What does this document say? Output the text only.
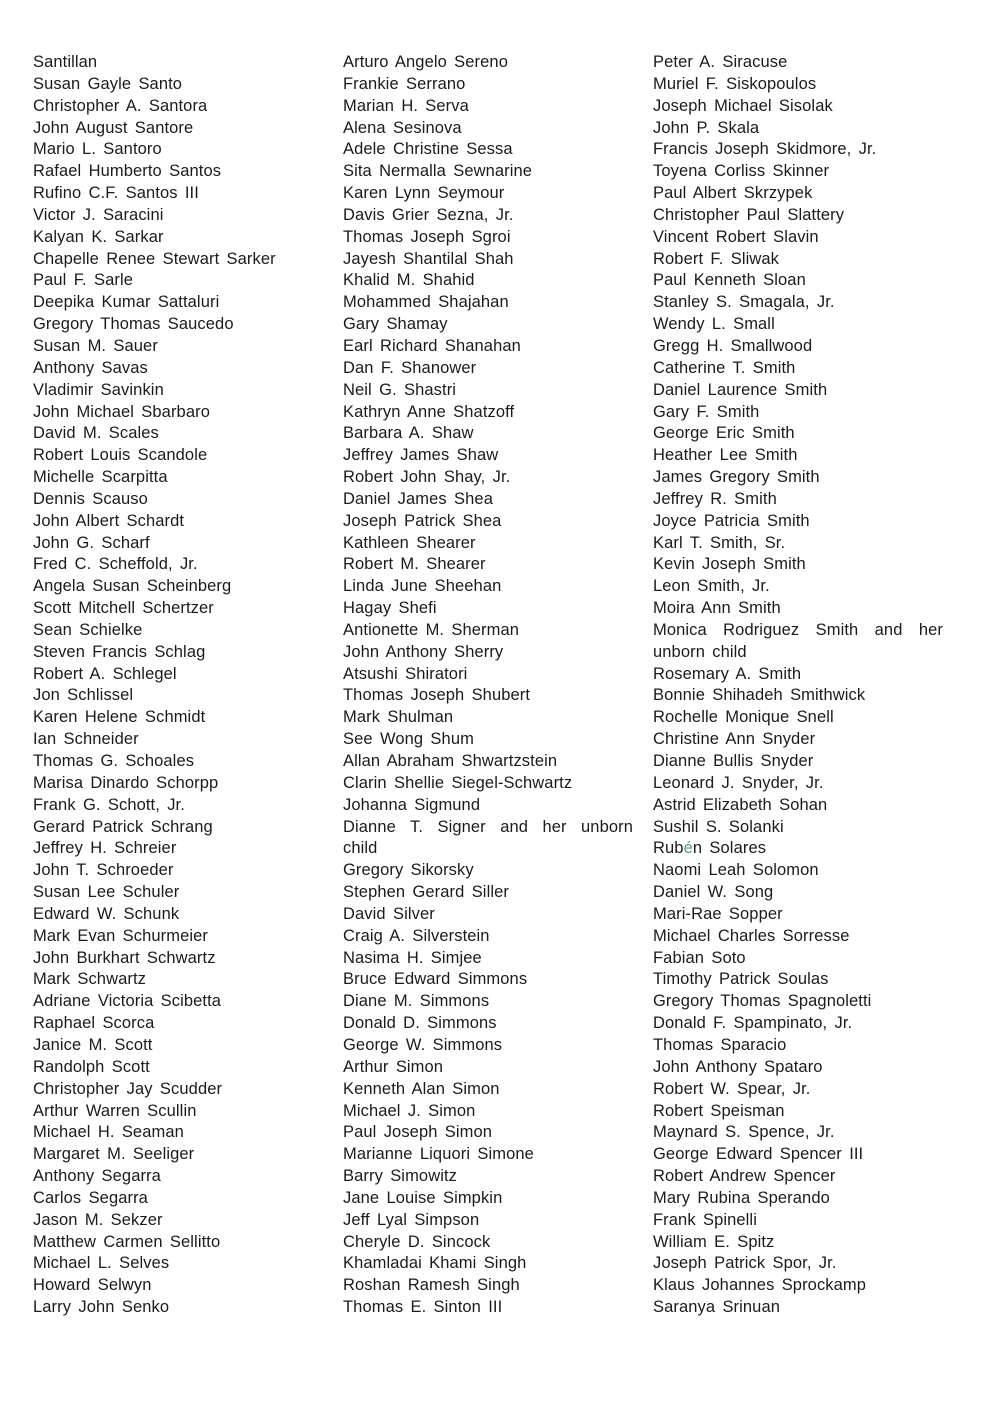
Santillan

Susan Gayle Santo

Christopher A. Santora

John August Santore

Mario L. Santoro

Rafael Humberto Santos

Rufino C.F. Santos III

Victor J. Saracini

Kalyan K. Sarkar

Chapelle Renee Stewart Sarker

Paul F. Sarle

Deepika Kumar Sattaluri

Gregory Thomas Saucedo

Susan M. Sauer

Anthony Savas

Vladimir Savinkin

John Michael Sbarbaro

David M. Scales

Robert Louis Scandole

Michelle Scarpitta

Dennis Scauso

John Albert Schardt

John G. Scharf

Fred C. Scheffold, Jr.

Angela Susan Scheinberg

Scott Mitchell Schertzer

Sean Schielke

Steven Francis Schlag

Robert A. Schlegel

Jon Schlissel

Karen Helene Schmidt

Ian Schneider

Thomas G. Schoales

Marisa Dinardo Schorpp

Frank G. Schott, Jr.

Gerard Patrick Schrang

Jeffrey H. Schreier

John T. Schroeder

Susan Lee Schuler

Edward W. Schunk

Mark Evan Schurmeier

John Burkhart Schwartz

Mark Schwartz

Adriane Victoria Scibetta

Raphael Scorca

Janice M. Scott

Randolph Scott

Christopher Jay Scudder

Arthur Warren Scullin

Michael H. Seaman

Margaret M. Seeliger

Anthony Segarra

Carlos Segarra

Jason M. Sekzer

Matthew Carmen Sellitto

Michael L. Selves

Howard Selwyn

Larry John Senko

Arturo Angelo Sereno

Frankie Serrano

Marian H. Serva

Alena Sesinova

Adele Christine Sessa

Sita Nermalla Sewnarine

Karen Lynn Seymour

Davis Grier Sezna, Jr.

Thomas Joseph Sgroi

Jayesh Shantilal Shah

Khalid M. Shahid

Mohammed Shajahan

Gary Shamay

Earl Richard Shanahan

Dan F. Shanower

Neil G. Shastri

Kathryn Anne Shatzoff

Barbara A. Shaw

Jeffrey James Shaw

Robert John Shay, Jr.

Daniel James Shea

Joseph Patrick Shea

Kathleen Shearer

Robert M. Shearer

Linda June Sheehan

Hagay Shefi

Antionette M. Sherman

John Anthony Sherry

Atsushi Shiratori

Thomas Joseph Shubert

Mark Shulman

See Wong Shum

Allan Abraham Shwartzstein

Clarin Shellie Siegel-Schwartz

Johanna Sigmund

Dianne T. Signer and her unborn child

Gregory Sikorsky

Stephen Gerard Siller

David Silver

Craig A. Silverstein

Nasima H. Simjee

Bruce Edward Simmons

Diane M. Simmons

Donald D. Simmons

George W. Simmons

Arthur Simon

Kenneth Alan Simon

Michael J. Simon

Paul Joseph Simon

Marianne Liquori Simone

Barry Simowitz

Jane Louise Simpkin

Jeff Lyal Simpson

Cheryle D. Sincock

Khamladai Khami Singh

Roshan Ramesh Singh

Thomas E. Sinton III

Peter A. Siracuse

Muriel F. Siskopoulos

Joseph Michael Sisolak

John P. Skala

Francis Joseph Skidmore, Jr.

Toyena Corliss Skinner

Paul Albert Skrzypek

Christopher Paul Slattery

Vincent Robert Slavin

Robert F. Sliwak

Paul Kenneth Sloan

Stanley S. Smagala, Jr.

Wendy L. Small

Gregg H. Smallwood

Catherine T. Smith

Daniel Laurence Smith

Gary F. Smith

George Eric Smith

Heather Lee Smith

James Gregory Smith

Jeffrey R. Smith

Joyce Patricia Smith

Karl T. Smith, Sr.

Kevin Joseph Smith

Leon Smith, Jr.

Moira Ann Smith

Monica Rodriguez Smith and her unborn child

Rosemary A. Smith

Bonnie Shihadeh Smithwick

Rochelle Monique Snell

Christine Ann Snyder

Dianne Bullis Snyder

Leonard J. Snyder, Jr.

Astrid Elizabeth Sohan

Sushil S. Solanki

Rubén Solares

Naomi Leah Solomon

Daniel W. Song

Mari-Rae Sopper

Michael Charles Sorresse

Fabian Soto

Timothy Patrick Soulas

Gregory Thomas Spagnoletti

Donald F. Spampinato, Jr.

Thomas Sparacio

John Anthony Spataro

Robert W. Spear, Jr.

Robert Speisman

Maynard S. Spence, Jr.

George Edward Spencer III

Robert Andrew Spencer

Mary Rubina Sperando

Frank Spinelli

William E. Spitz

Joseph Patrick Spor, Jr.

Klaus Johannes Sprockamp

Saranya Srinuan
